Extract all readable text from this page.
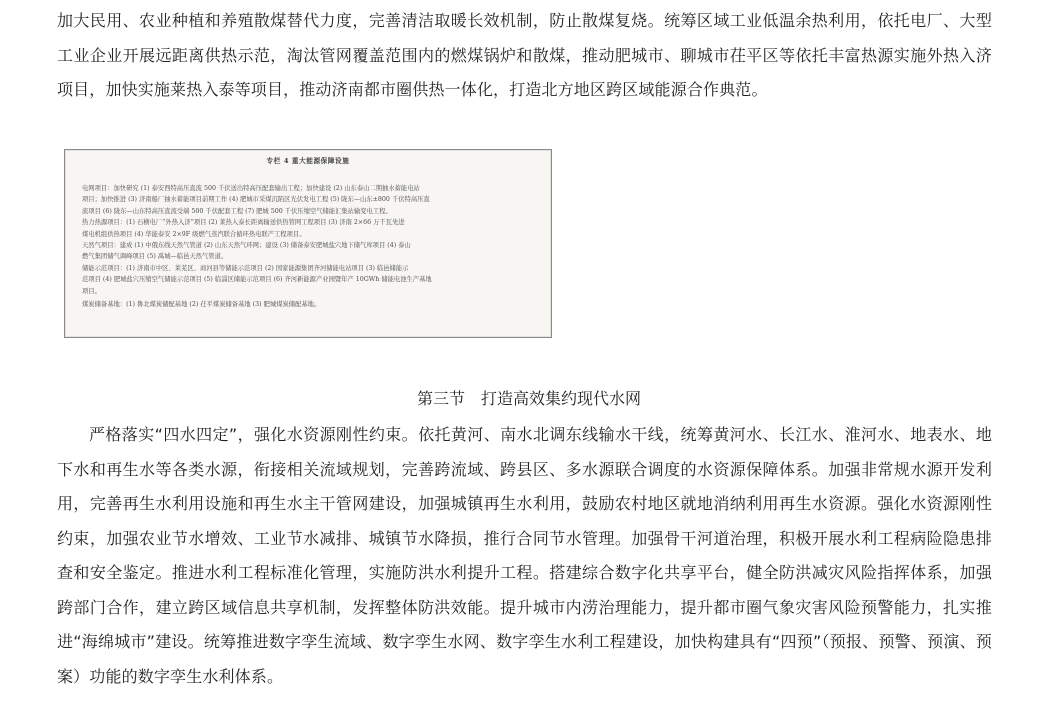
加大民用、农业种植和养殖散煤替代力度，完善清洁取暖长效机制，防止散煤复烧。统筹区域工业低温余热利用，依托电厂、大型工业企业开展远距离供热示范，淘汰管网覆盖范围内的燃煤锅炉和散煤，推动肥城市、聊城市茌平区等依托丰富热源实施外热入济项目，加快实施莱热入泰等项目，推动济南都市圈供热一体化，打造北方地区跨区域能源合作典范。

专栏 4 重大能源保障设施
电网项目：加快研究 (1) 泰安西特高压直流 500 千伏送出特高压配套输出工程；加快建设 (2) 山东泰山二期抽水蓄能电站
项目；加快推进 (3) 济南船厂抽水蓄能项目前期工作 (4) 肥城市采煤沉陷区光伏发电工程 (5) 陇东—山东±800 千伏特高压直
流项目 (6) 陇东—山东特高压直流受端 500 千伏配套工程 (7) 肥城 500 千伏压缩空气储能汇集站输变电工程。
热力热源项目：(1) 石横电厂“外热入济”项目 (2) 莱热入泰长距离输送供热管网工程项目 (3) 济南 2×66 万千瓦先进
煤电机组供热项目 (4) 华能泰安 2×9F 级燃气蒸汽联合循环热电联产工程项目。
天然气项目：建成 (1) 中俄东线天然气管道 (2) 山东天然气环网；建设 (3) 储备泰安肥城盐穴地下储气库项目 (4) 泰山
燃气集团储气调峰项目 (5) 禹城—临邑天然气管道。
储能示范项目：(1) 济南市中区、莱芜区、商河县等储能示范项目 (2) 国家能源集团齐河储能电站项目 (3) 临邑储能示
范项目 (4) 肥城盐穴压缩空气储能示范项目 (5) 临淄区储能示范项目 (6) 齐河新能源产业园暨年产 10GWh 储能电池生产基地
项目。
煤炭储备基地：(1) 鲁北煤炭储配基地 (2) 茌平煤炭储备基地 (3) 肥城煤炭储配基地。
第三节　打造高效集约现代水网

严格落实“四水四定”，强化水资源刚性约束。依托黄河、南水北调东线输水干线，统筹黄河水、长江水、淮河水、地表水、地下水和再生水等各类水源，衔接相关流域规划，完善跨流域、跨县区、多水源联合调度的水资源保障体系。加强非常规水源开发利用，完善再生水利用设施和再生水主干管网建设，加强城镇再生水利用，鼓励农村地区就地消纳利用再生水资源。强化水资源刚性约束，加强农业节水增效、工业节水减排、城镇节水降损，推行合同节水管理。加强骨干河道治理，积极开展水利工程病险隐患排查和安全鉴定。推进水利工程标准化管理，实施防洪水利提升工程。搭建综合数字化共享平台，健全防洪减灾风险指挥体系，加强跨部门合作，建立跨区域信息共享机制，发挥整体防洪效能。提升城市内涝治理能力，提升都市圈气象灾害风险预警能力，扎实推进“海绵城市”建设。统筹推进数字孪生流域、数字孪生水网、数字孪生水利工程建设，加快构建具有“四预”（预报、预警、预演、预案）功能的数字孪生水利体系。
